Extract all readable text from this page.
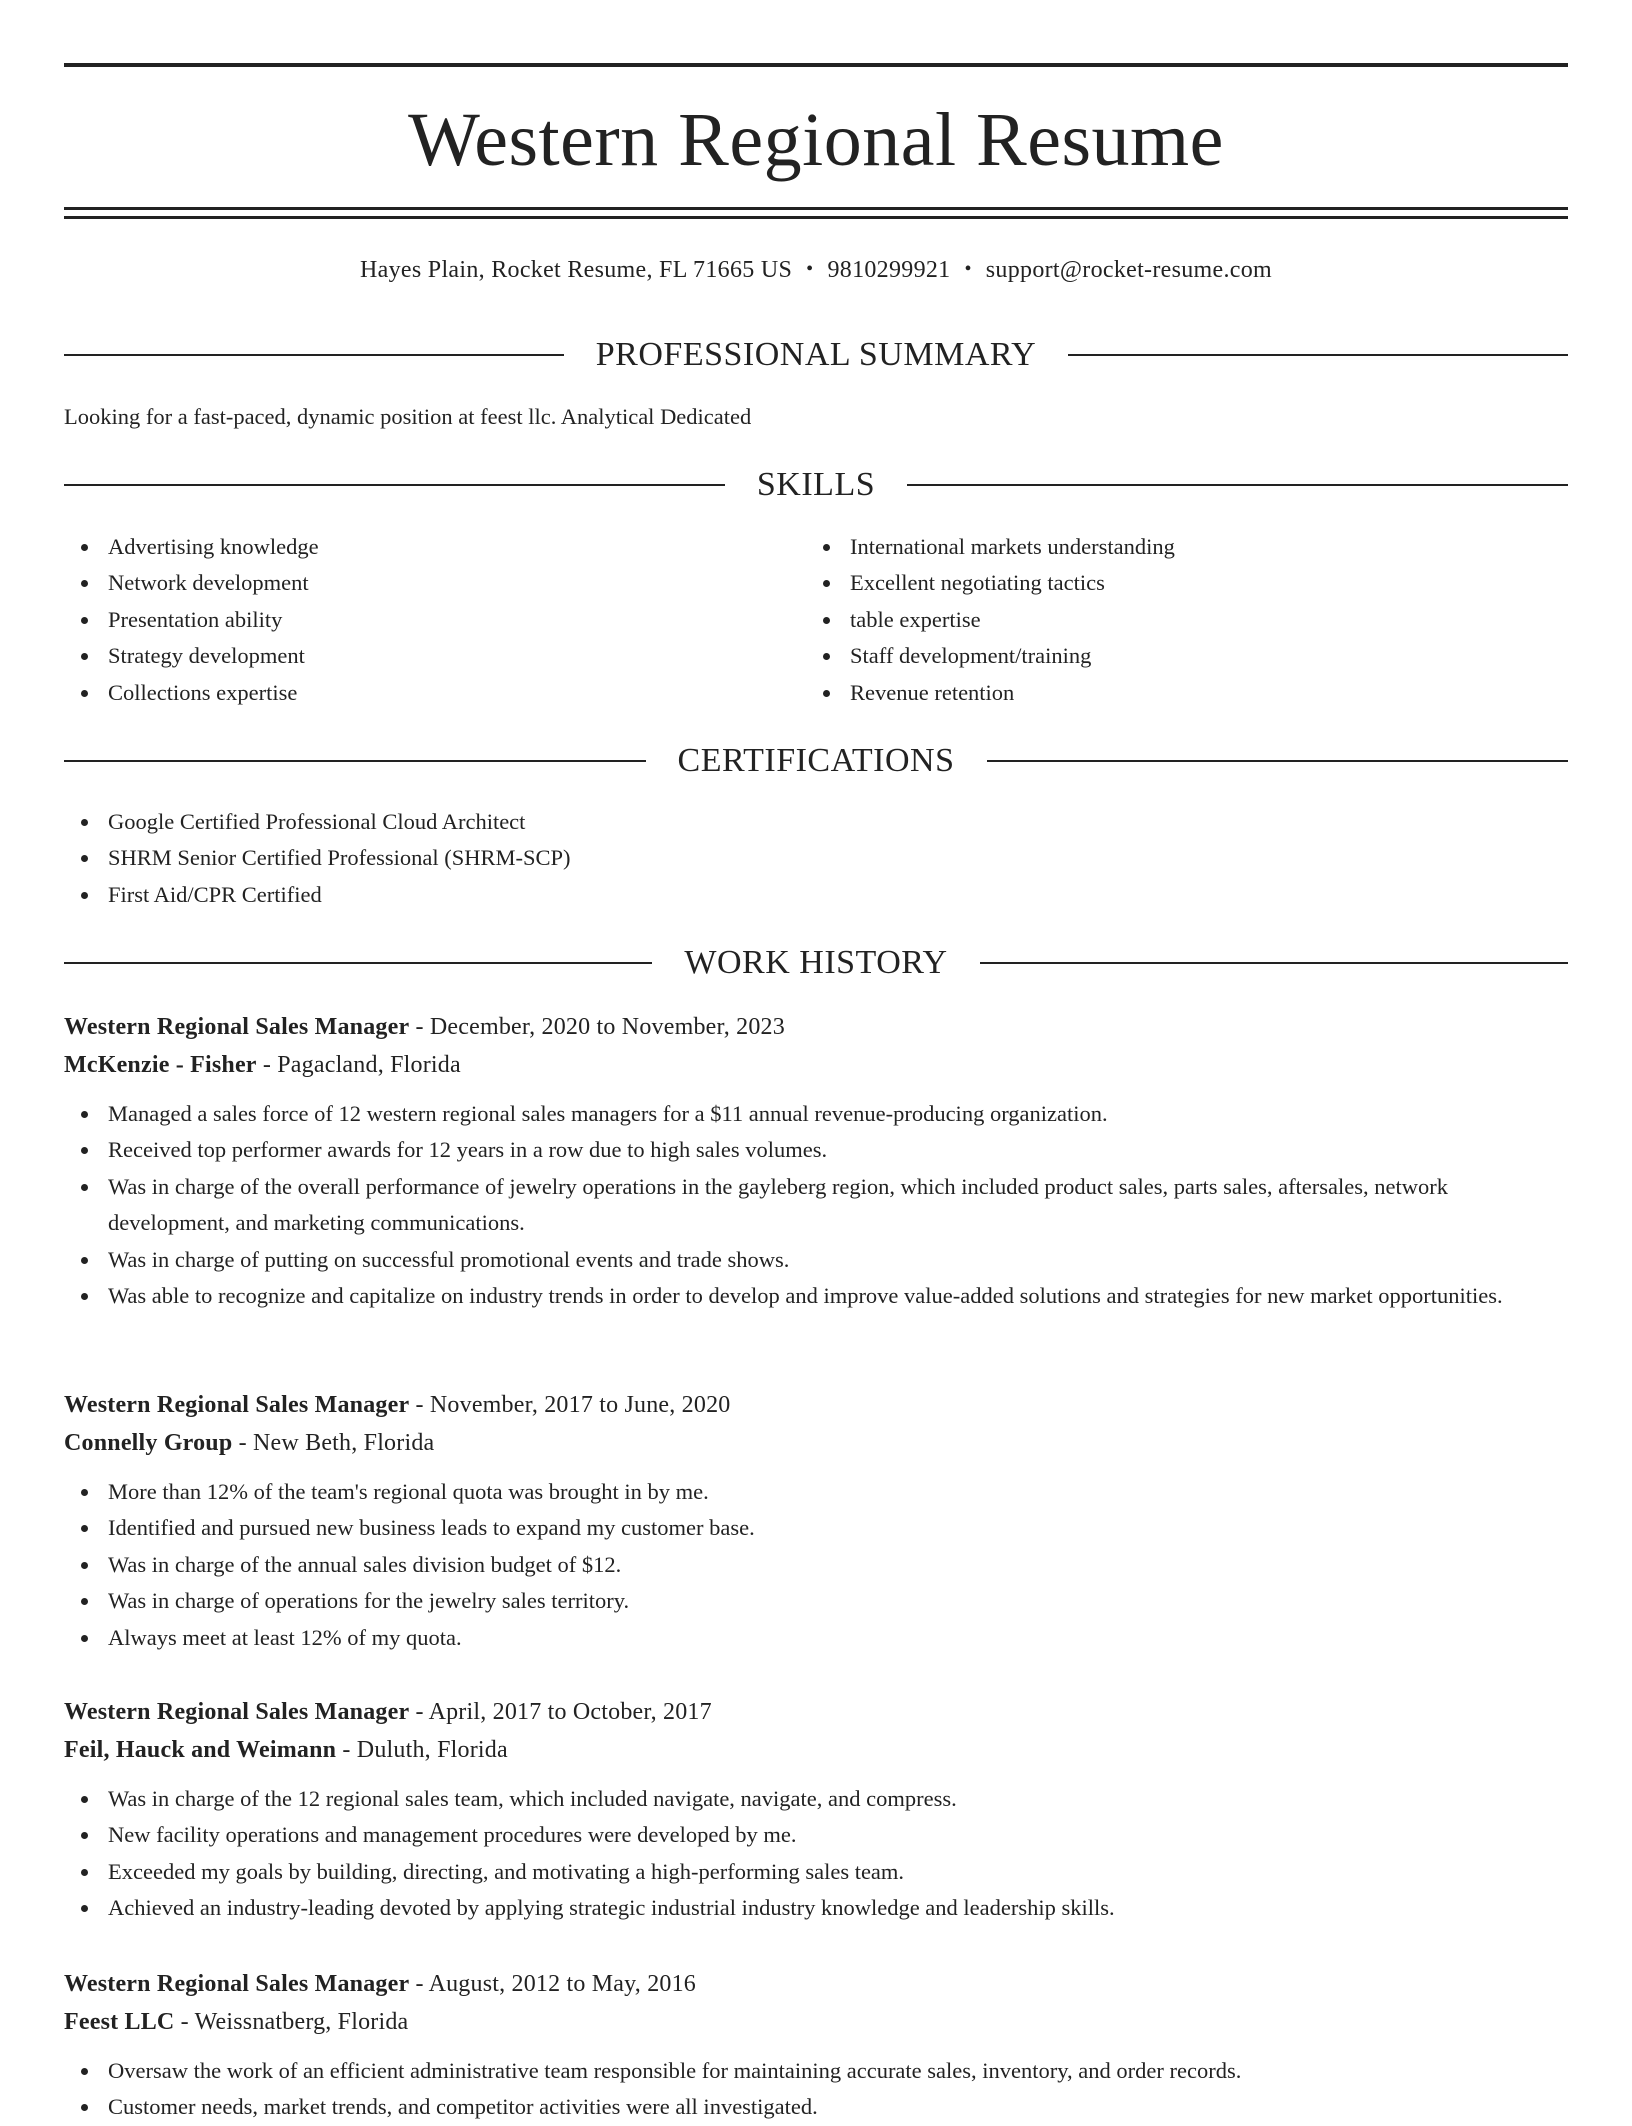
Western Regional Resume
Hayes Plain, Rocket Resume, FL 71665 US • 9810299921 • support@rocket-resume.com
PROFESSIONAL SUMMARY
Looking for a fast-paced, dynamic position at feest llc. Analytical Dedicated
SKILLS
Advertising knowledge
Network development
Presentation ability
Strategy development
Collections expertise
International markets understanding
Excellent negotiating tactics
table expertise
Staff development/training
Revenue retention
CERTIFICATIONS
Google Certified Professional Cloud Architect
SHRM Senior Certified Professional (SHRM-SCP)
First Aid/CPR Certified
WORK HISTORY
Western Regional Sales Manager - December, 2020 to November, 2023
McKenzie - Fisher - Pagacland, Florida
Managed a sales force of 12 western regional sales managers for a $11 annual revenue-producing organization.
Received top performer awards for 12 years in a row due to high sales volumes.
Was in charge of the overall performance of jewelry operations in the gayleberg region, which included product sales, parts sales, aftersales, network development, and marketing communications.
Was in charge of putting on successful promotional events and trade shows.
Was able to recognize and capitalize on industry trends in order to develop and improve value-added solutions and strategies for new market opportunities.
Western Regional Sales Manager - November, 2017 to June, 2020
Connelly Group - New Beth, Florida
More than 12% of the team's regional quota was brought in by me.
Identified and pursued new business leads to expand my customer base.
Was in charge of the annual sales division budget of $12.
Was in charge of operations for the jewelry sales territory.
Always meet at least 12% of my quota.
Western Regional Sales Manager - April, 2017 to October, 2017
Feil, Hauck and Weimann - Duluth, Florida
Was in charge of the 12 regional sales team, which included navigate, navigate, and compress.
New facility operations and management procedures were developed by me.
Exceeded my goals by building, directing, and motivating a high-performing sales team.
Achieved an industry-leading devoted by applying strategic industrial industry knowledge and leadership skills.
Western Regional Sales Manager - August, 2012 to May, 2016
Feest LLC - Weissnatberg, Florida
Oversaw the work of an efficient administrative team responsible for maintaining accurate sales, inventory, and order records.
Customer needs, market trends, and competitor activities were all investigated.
